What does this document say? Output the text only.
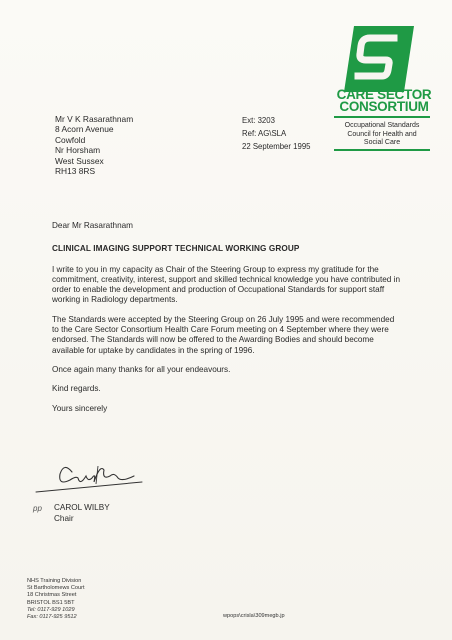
CARE SECTOR
CONSORTIUM
Occupational Standards
Council for Health and
Social Care
Mr V K Rasarathnam
8 Acorn Avenue
Cowfold
Nr Horsham
West Sussex
RH13 8RS
Ext: 3203
Ref: AG\SLA
22 September 1995

Dear Mr Rasarathnam

CLINICAL IMAGING SUPPORT TECHNICAL WORKING GROUP

I write to you in my capacity as Chair of the Steering Group to express my gratitude for the commitment, creativity, interest, support and skilled technical knowledge you have contributed in order to enable the development and production of Occupational Standards for support staff working in Radiology departments.

The Standards were accepted by the Steering Group on 26 July 1995 and were recommended to the Care Sector Consortium Health Care Forum meeting on 4 September where they were endorsed. The Standards will now be offered to the Awarding Bodies and should become available for uptake by candidates in the spring of 1996.

Once again many thanks for all your endeavours.

Kind regards.

Yours sincerely

pp CAROL WILBY
Chair
NHS Training Division
St Bartholomews Court
18 Christmas Street
BRISTOL BS1 5BT
Tel: 0117-929 1029
Fax: 0117-925 9512	wpops\crisla\309megb.jp
